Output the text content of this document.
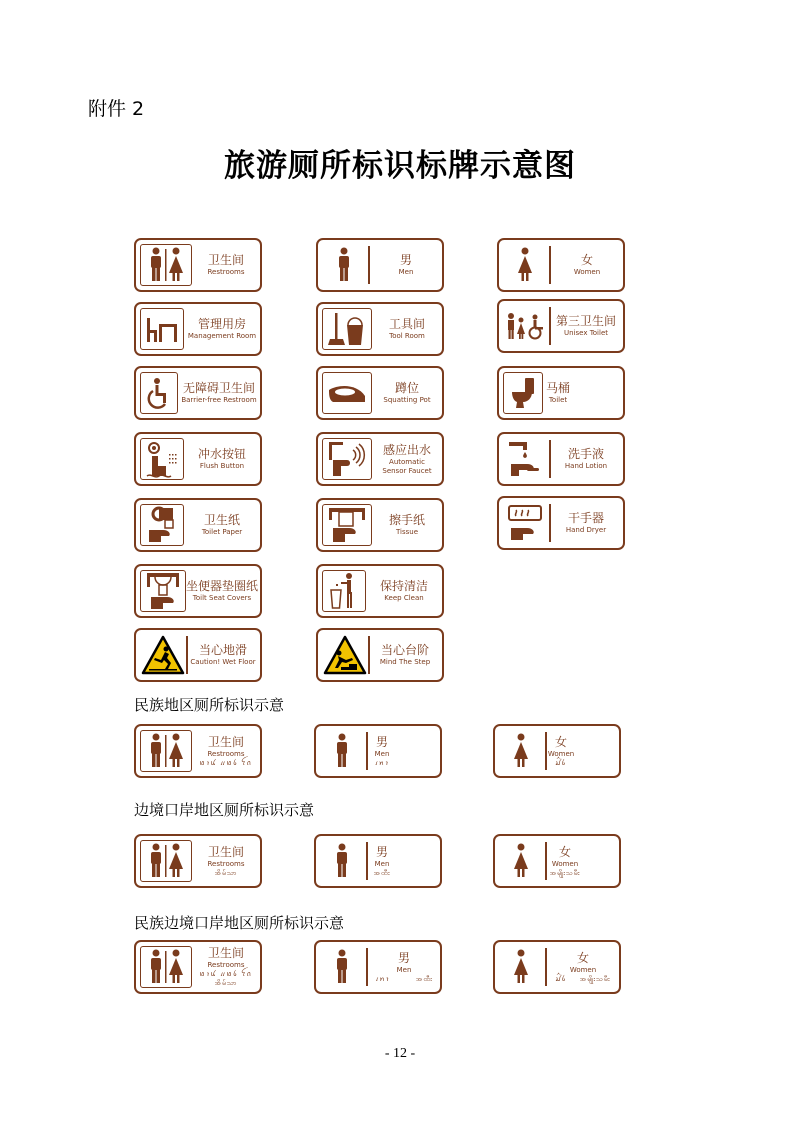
附件 2
旅游厕所标识标牌示意图
卫生间
Restrooms
男
Men
女
Women
管理用房
Management Room
工具间
Tool Room
第三卫生间
Unisex Toilet
无障碍卫生间
Barrier-free Restroom
蹲位
Squatting Pot
马桶
Toilet
冲水按钮
Flush Button
感应出水
Automatic
Sensor Faucet
洗手液
Hand Lotion
卫生纸
Toilet Paper
擦手纸
Tissue
干手器
Hand Dryer
坐便器垫圈纸
Toilt Seat Covers
保持清洁
Keep Clean
当心地滑
Caution! Wet Floor
当心台阶
Mind The Step
民族地区厕所标识示意
卫生间
Restrooms
ꪭꪱꪙ ꪵꪭꪉ ꪼꪒ
男
Men
ꪹꪀꪱ
女
Women
ꪣꪲꪉ
边境口岸地区厕所标识示意
卫生间
Restrooms
အိမ်သာ
男
Men
အထီး
女
Women
အမျိုးသမီး
民族边境口岸地区厕所标识示意
卫生间
Restrooms
ꪭꪱꪙ ꪵꪭꪉ ꪼꪒ
အိမ်သာ
男
Men
ꪹꪀꪱ	အထီး
女
Women
ꪣꪲꪉ အမျိုးသမီး
- 12 -
